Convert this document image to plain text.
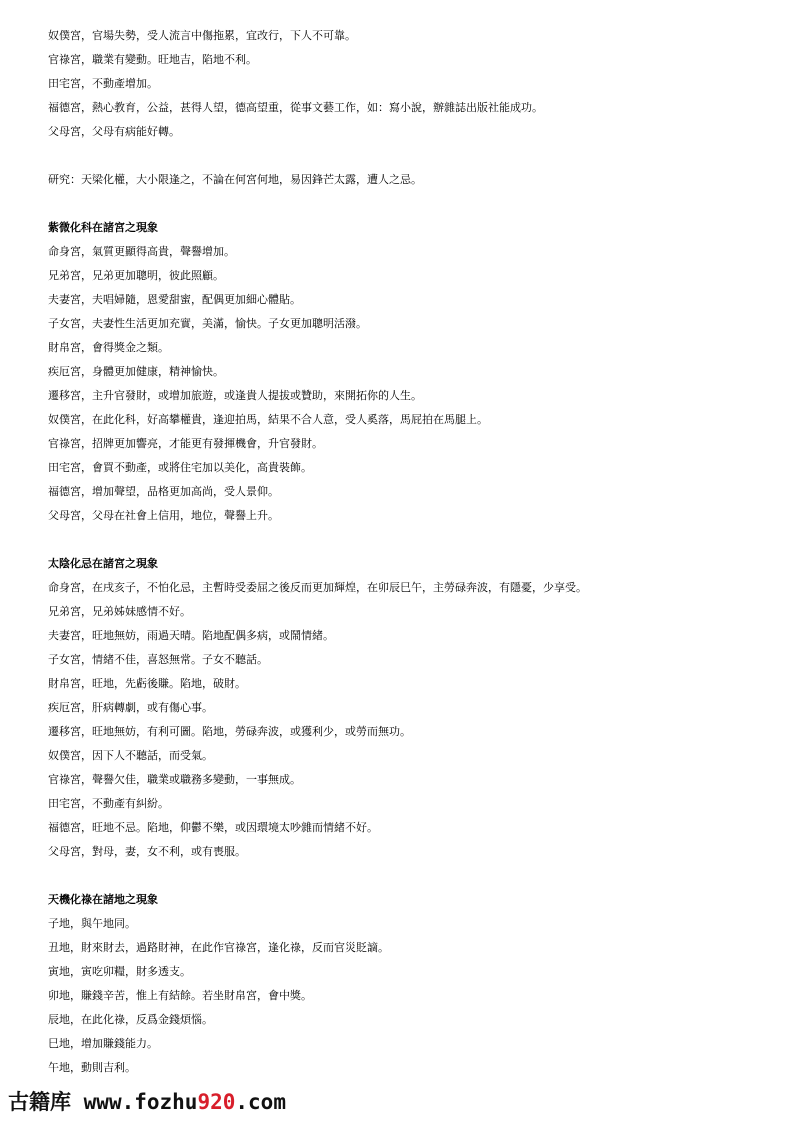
奴僕宮，官場失勢，受人流言中傷拖累，宜改行，下人不可靠。
官祿宮，職業有變動。旺地吉，陷地不利。
田宅宮，不動產增加。
福德宮，熱心教育，公益，甚得人望，德高望重，從事文藝工作，如：寫小說，辦雜誌出版社能成功。
父母宮，父母有病能好轉。
研究：天梁化權，大小限逢之，不論在何宮何地，易因鋒芒太露，遭人之忌。
紫微化科在諸宮之現象
命身宮，氣質更顯得高貴，聲譽增加。
兄弟宮，兄弟更加聰明，彼此照顧。
夫妻宮，夫唱婦隨，恩愛甜蜜，配偶更加細心體貼。
子女宮，夫妻性生活更加充實，美滿，愉快。子女更加聰明活潑。
財帛宮，會得獎金之類。
疾厄宮，身體更加健康，精神愉快。
遷移宮，主升官發財，或增加旅遊，或逢貴人提拔或贊助，來開拓你的人生。
奴僕宮，在此化科，好高攀權貴，逢迎拍馬，結果不合人意，受人奚落，馬屁拍在馬腿上。
官祿宮，招牌更加響亮，才能更有發揮機會，升官發財。
田宅宮，會買不動產，或將住宅加以美化，高貴裝飾。
福德宮，增加聲望，品格更加高尚，受人景仰。
父母宮，父母在社會上信用，地位，聲譽上升。
太陰化忌在諸宮之現象
命身宮，在戌亥子，不怕化忌，主暫時受委屈之後反而更加輝煌，在卯辰巳午，主勞碌奔波，有隱憂，少享受。
兄弟宮，兄弟姊妹感情不好。
夫妻宮，旺地無妨，雨過天晴。陷地配偶多病，或鬧情緒。
子女宮，情緒不佳，喜怒無常。子女不聽話。
財帛宮，旺地，先虧後賺。陷地，破財。
疾厄宮，肝病轉劇，或有傷心事。
遷移宮，旺地無妨，有利可圖。陷地，勞碌奔波，或獲利少，或勞而無功。
奴僕宮，因下人不聽話，而受氣。
官祿宮，聲譽欠佳，職業或職務多變動，一事無成。
田宅宮，不動產有糾紛。
福德宮，旺地不忌。陷地，仰鬱不樂，或因環境太吵雜而情緒不好。
父母宮，對母，妻，女不利，或有喪服。
天機化祿在諸地之現象
子地，與午地同。
丑地，財來財去，過路財神，在此作官祿宮，逢化祿，反而官災貶謫。
寅地，寅吃卯糧，財多透支。
卯地，賺錢辛苦，惟上有結餘。若坐財帛宮，會中獎。
辰地，在此化祿，反爲金錢煩惱。
巳地，增加賺錢能力。
午地，動則吉利。
古籍库 www.fozhu920.com
